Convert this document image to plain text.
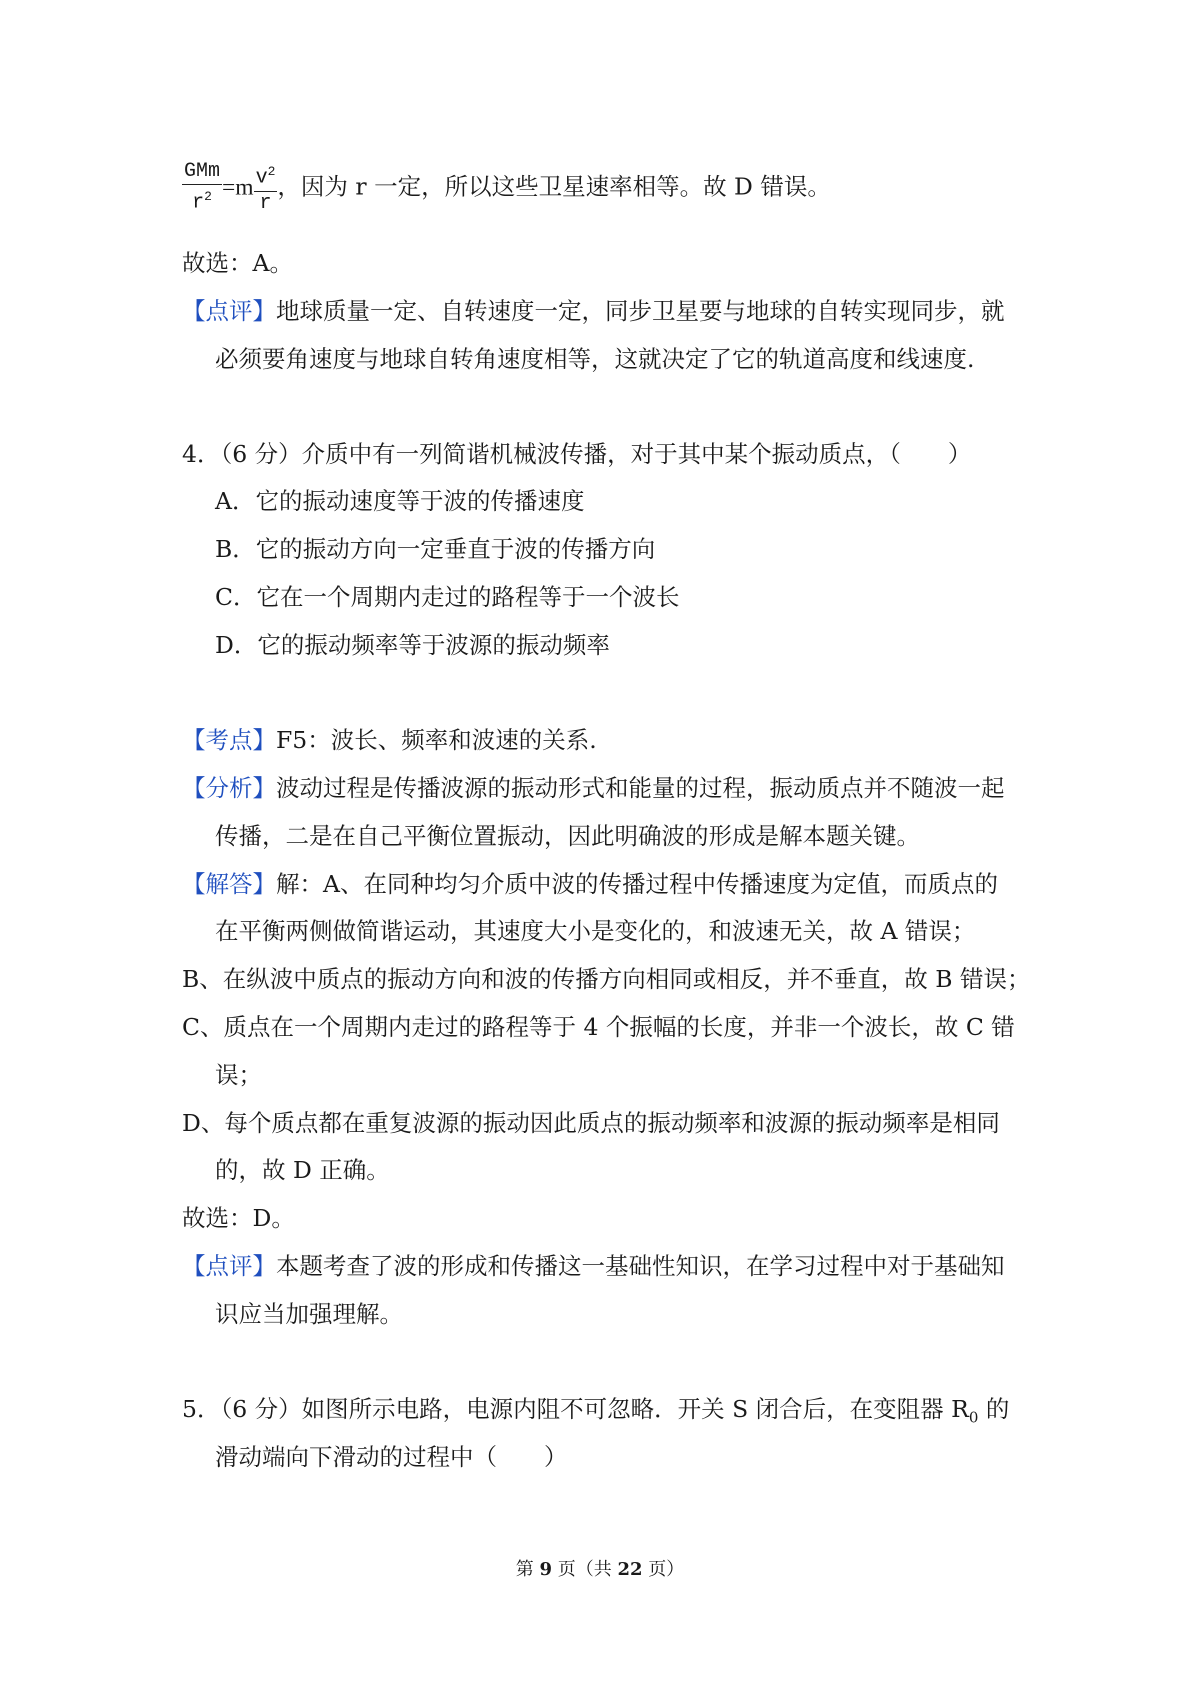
$\frac{\text{GMm}}{r^2} =m \frac{v^2}{r}$ ，因为 r 一定，所以这些卫星速率相等。故 D 错误。
故选：A。
【点评】地球质量一定、自转速度一定，同步卫星要与地球的自转实现同步，就
必须要角速度与地球自转角速度相等，这就决定了它的轨道高度和线速度.
4．（6 分）介质中有一列简谐机械波传播，对于其中某个振动质点，（　　）
A．它的振动速度等于波的传播速度
B．它的振动方向一定垂直于波的传播方向
C．它在一个周期内走过的路程等于一个波长
D．它的振动频率等于波源的振动频率
【考点】F5：波长、频率和波速的关系.
【分析】波动过程是传播波源的振动形式和能量的过程，振动质点并不随波一起
传播，二是在自己平衡位置振动，因此明确波的形成是解本题关键。
【解答】解：A、在同种均匀介质中波的传播过程中传播速度为定值，而质点的
在平衡两侧做简谐运动，其速度大小是变化的，和波速无关，故 A 错误；
B、在纵波中质点的振动方向和波的传播方向相同或相反，并不垂直，故 B 错误；
C、质点在一个周期内走过的路程等于 4 个振幅的长度，并非一个波长，故 C 错
误；
D、每个质点都在重复波源的振动因此质点的振动频率和波源的振动频率是相同
的，故 D 正确。
故选：D。
【点评】本题考查了波的形成和传播这一基础性知识，在学习过程中对于基础知
识应当加强理解。
5．（6 分）如图所示电路，电源内阻不可忽略．开关 S 闭合后，在变阻器 $R_0$ 的
滑动端向下滑动的过程中（　　）
第 9 页（共 22 页）
